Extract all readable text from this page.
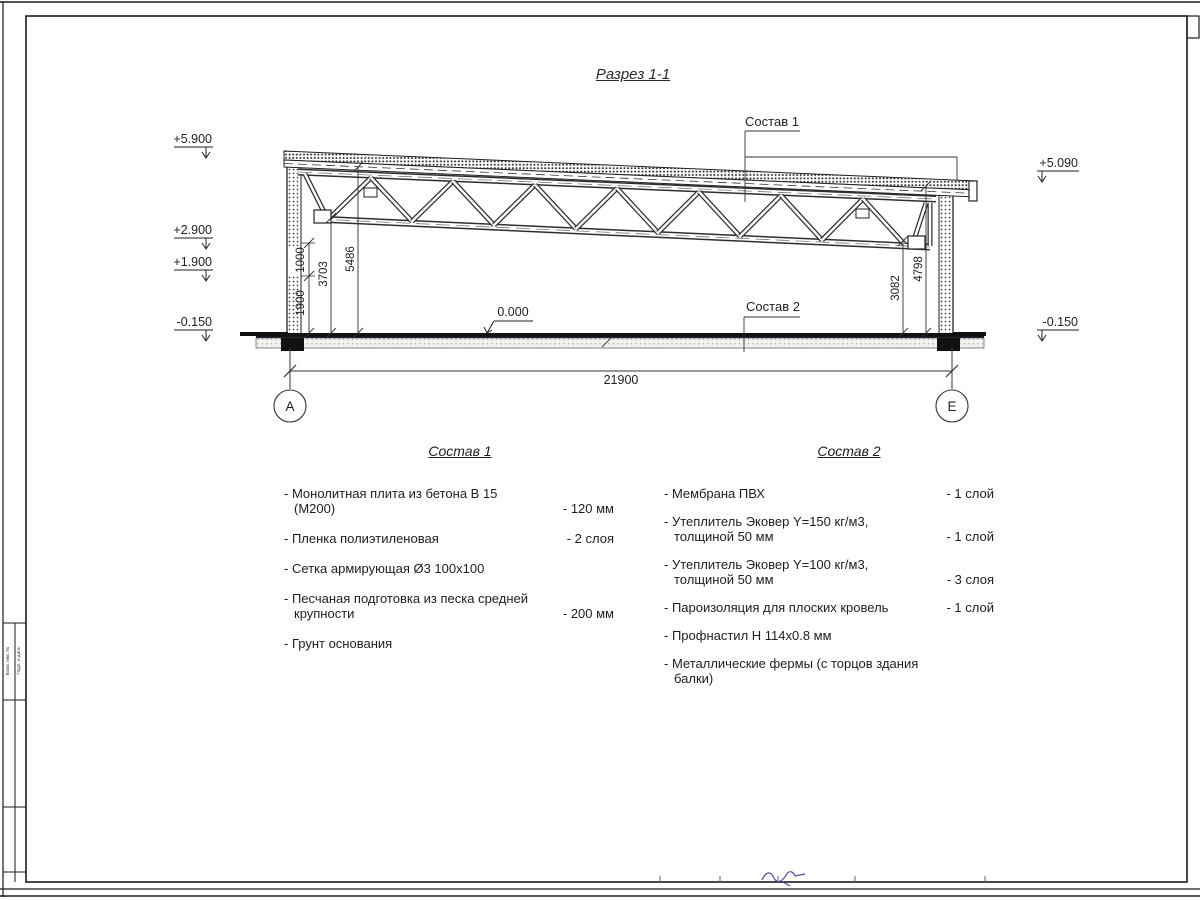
Взам. инв. № Подп. и дата
+5.900
+2.900
+1.900
-0.150
+5.090
-0.150
0.000
1900
1000
3703
5486
3082
4798
21900
А	Е
Состав 1
Состав 2
Разрез 1-1
Состав 1
- Монолитная плита из бетона В 15 (М200)	- 120 мм
- Пленка полиэтиленовая	- 2 слоя
- Сетка армирующая Ø3 100х100
- Песчаная подготовка из песка средней крупности	- 200 мм
- Грунт основания
Состав 2
- Мембрана ПВХ	- 1 слой
- Утеплитель Эковер Y=150 кг/м3, толщиной 50 мм	- 1 слой
- Утеплитель Эковер Y=100 кг/м3, толщиной 50 мм	- 3 слоя
- Пароизоляция для плоских кровель	- 1 слой
- Профнастил Н 114х0.8 мм
- Металлические фермы (с торцов здания балки)
